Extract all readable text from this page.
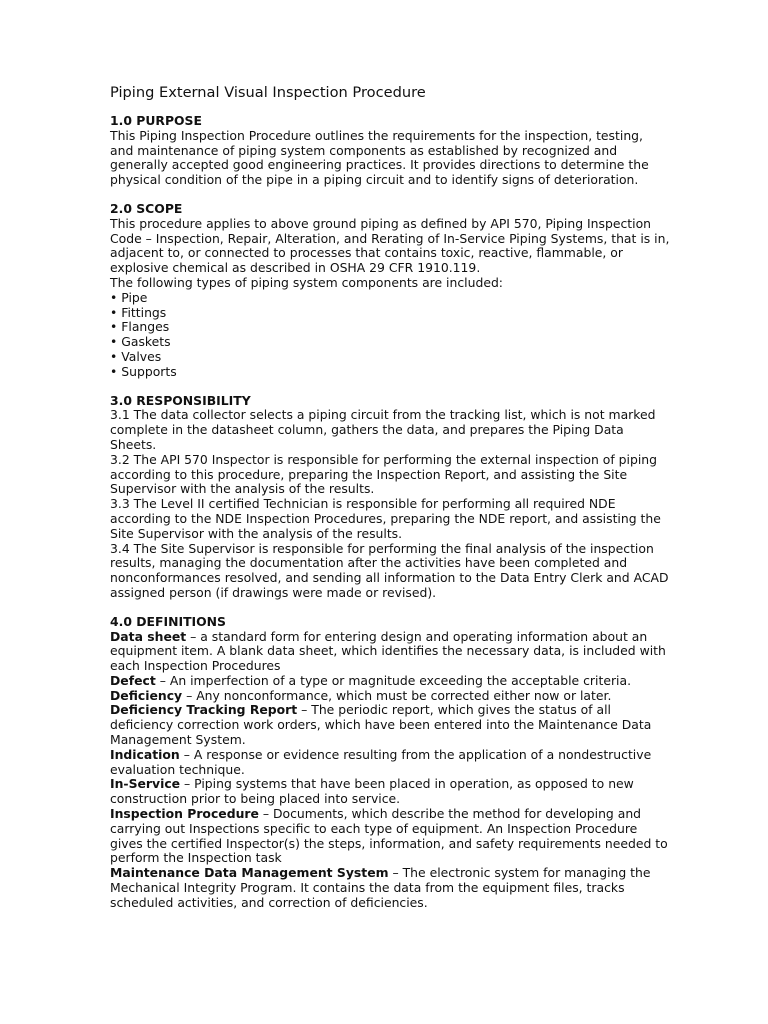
Piping External Visual Inspection Procedure

1.0 PURPOSE

This Piping Inspection Procedure outlines the requirements for the inspection, testing, and maintenance of piping system components as established by recognized and generally accepted good engineering practices. It provides directions to determine the physical condition of the pipe in a piping circuit and to identify signs of deterioration.

2.0 SCOPE

This procedure applies to above ground piping as defined by API 570, Piping Inspection Code – Inspection, Repair, Alteration, and Rerating of In-Service Piping Systems, that is in, adjacent to, or connected to processes that contains toxic, reactive, flammable, or explosive chemical as described in OSHA 29 CFR 1910.119.

The following types of piping system components are included:

• Pipe
• Fittings
• Flanges
• Gaskets
• Valves
• Supports

3.0 RESPONSIBILITY

3.1 The data collector selects a piping circuit from the tracking list, which is not marked complete in the datasheet column, gathers the data, and prepares the Piping Data Sheets.

3.2 The API 570 Inspector is responsible for performing the external inspection of piping according to this procedure, preparing the Inspection Report, and assisting the Site Supervisor with the analysis of the results.

3.3 The Level II certified Technician is responsible for performing all required NDE according to the NDE Inspection Procedures, preparing the NDE report, and assisting the Site Supervisor with the analysis of the results.

3.4 The Site Supervisor is responsible for performing the final analysis of the inspection results, managing the documentation after the activities have been completed and nonconformances resolved, and sending all information to the Data Entry Clerk and ACAD assigned person (if drawings were made or revised).

4.0 DEFINITIONS

Data sheet – a standard form for entering design and operating information about an equipment item. A blank data sheet, which identifies the necessary data, is included with each Inspection Procedures

Defect – An imperfection of a type or magnitude exceeding the acceptable criteria.

Deficiency – Any nonconformance, which must be corrected either now or later.

Deficiency Tracking Report – The periodic report, which gives the status of all deficiency correction work orders, which have been entered into the Maintenance Data Management System.

Indication – A response or evidence resulting from the application of a nondestructive evaluation technique.

In-Service – Piping systems that have been placed in operation, as opposed to new construction prior to being placed into service.

Inspection Procedure – Documents, which describe the method for developing and carrying out Inspections specific to each type of equipment. An Inspection Procedure gives the certified Inspector(s) the steps, information, and safety requirements needed to perform the Inspection task

Maintenance Data Management System – The electronic system for managing the Mechanical Integrity Program. It contains the data from the equipment files, tracks scheduled activities, and correction of deficiencies.
